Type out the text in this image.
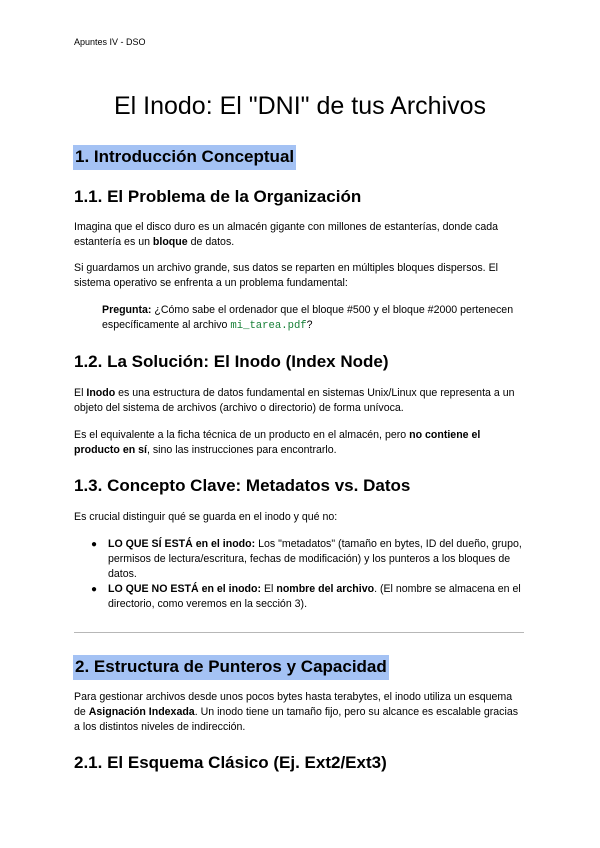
Apuntes IV - DSO
El Inodo: El "DNI" de tus Archivos
1. Introducción Conceptual
1.1. El Problema de la Organización

Imagina que el disco duro es un almacén gigante con millones de estanterías, donde cada estantería es un bloque de datos.

Si guardamos un archivo grande, sus datos se reparten en múltiples bloques dispersos. El sistema operativo se enfrenta a un problema fundamental:

Pregunta: ¿Cómo sabe el ordenador que el bloque #500 y el bloque #2000 pertenecen específicamente al archivo mi_tarea.pdf?

1.2. La Solución: El Inodo (Index Node)

El Inodo es una estructura de datos fundamental en sistemas Unix/Linux que representa a un objeto del sistema de archivos (archivo o directorio) de forma unívoca.

Es el equivalente a la ficha técnica de un producto en el almacén, pero no contiene el producto en sí, sino las instrucciones para encontrarlo.

1.3. Concepto Clave: Metadatos vs. Datos

Es crucial distinguir qué se guarda en el inodo y qué no:

● LO QUE SÍ ESTÁ en el inodo: Los "metadatos" (tamaño en bytes, ID del dueño, grupo, permisos de lectura/escritura, fechas de modificación) y los punteros a los bloques de datos.
● LO QUE NO ESTÁ en el inodo: El nombre del archivo. (El nombre se almacena en el directorio, como veremos en la sección 3).
2. Estructura de Punteros y Capacidad

Para gestionar archivos desde unos pocos bytes hasta terabytes, el inodo utiliza un esquema de Asignación Indexada. Un inodo tiene un tamaño fijo, pero su alcance es escalable gracias a los distintos niveles de indirección.

2.1. El Esquema Clásico (Ej. Ext2/Ext3)
